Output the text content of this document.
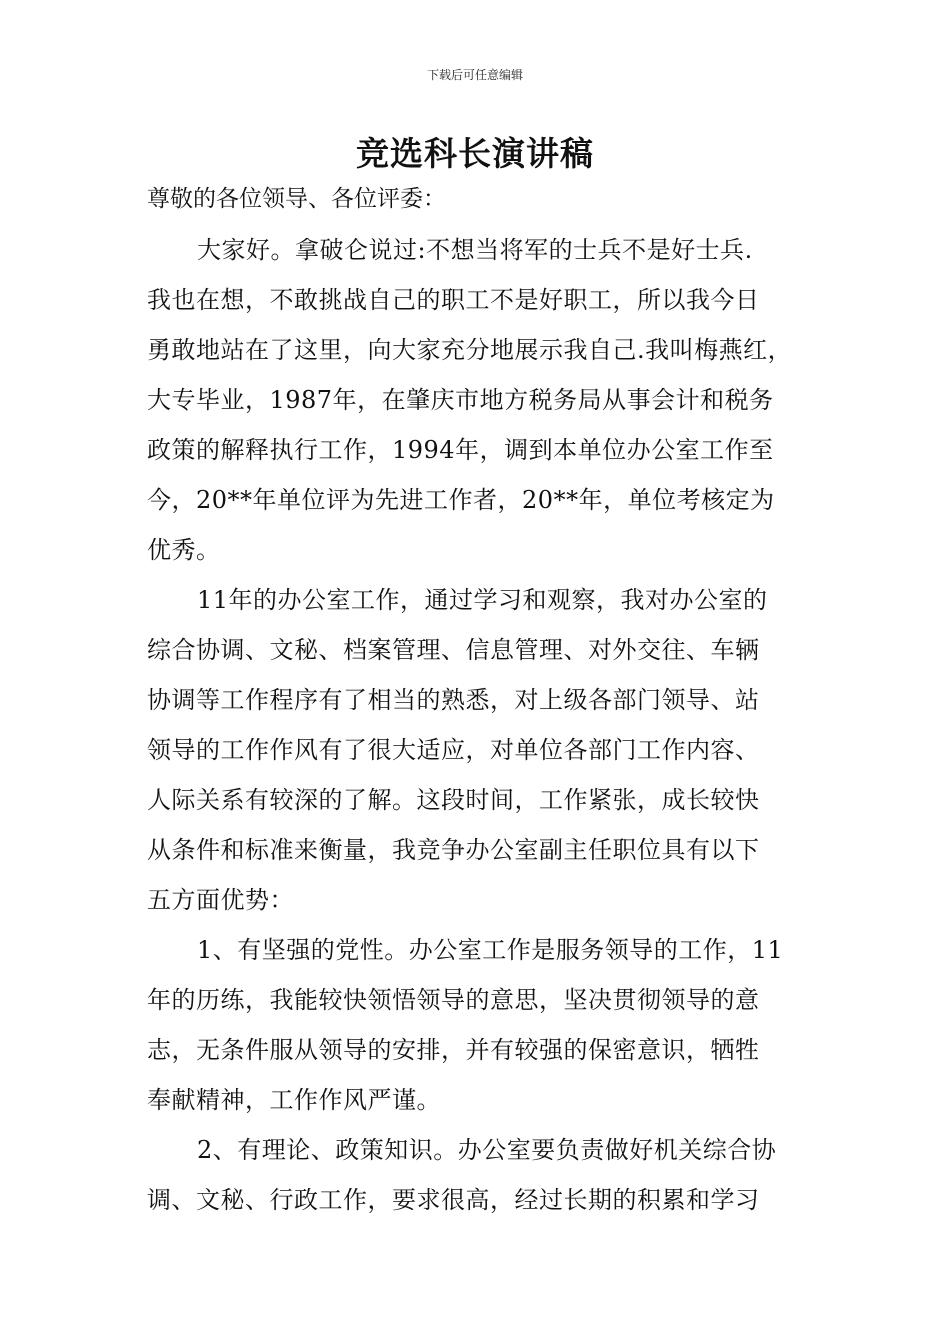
下载后可任意编辑
竞选科长演讲稿
尊敬的各位领导、各位评委：
大家好。拿破仑说过:不想当将军的士兵不是好士兵.
我也在想，不敢挑战自己的职工不是好职工，所以我今日
勇敢地站在了这里，向大家充分地展示我自己.我叫梅燕红，
大专毕业，1987年，在肇庆市地方税务局从事会计和税务
政策的解释执行工作，1994年，调到本单位办公室工作至
今，20**年单位评为先进工作者，20**年，单位考核定为
优秀。
11年的办公室工作，通过学习和观察，我对办公室的
综合协调、文秘、档案管理、信息管理、对外交往、车辆
协调等工作程序有了相当的熟悉，对上级各部门领导、站
领导的工作作风有了很大适应，对单位各部门工作内容、
人际关系有较深的了解。这段时间，工作紧张，成长较快
从条件和标准来衡量，我竞争办公室副主任职位具有以下
五方面优势：
1、有坚强的党性。办公室工作是服务领导的工作，11
年的历练，我能较快领悟领导的意思，坚决贯彻领导的意
志，无条件服从领导的安排，并有较强的保密意识，牺牲
奉献精神，工作作风严谨。
2、有理论、政策知识。办公室要负责做好机关综合协
调、文秘、行政工作，要求很高，经过长期的积累和学习
